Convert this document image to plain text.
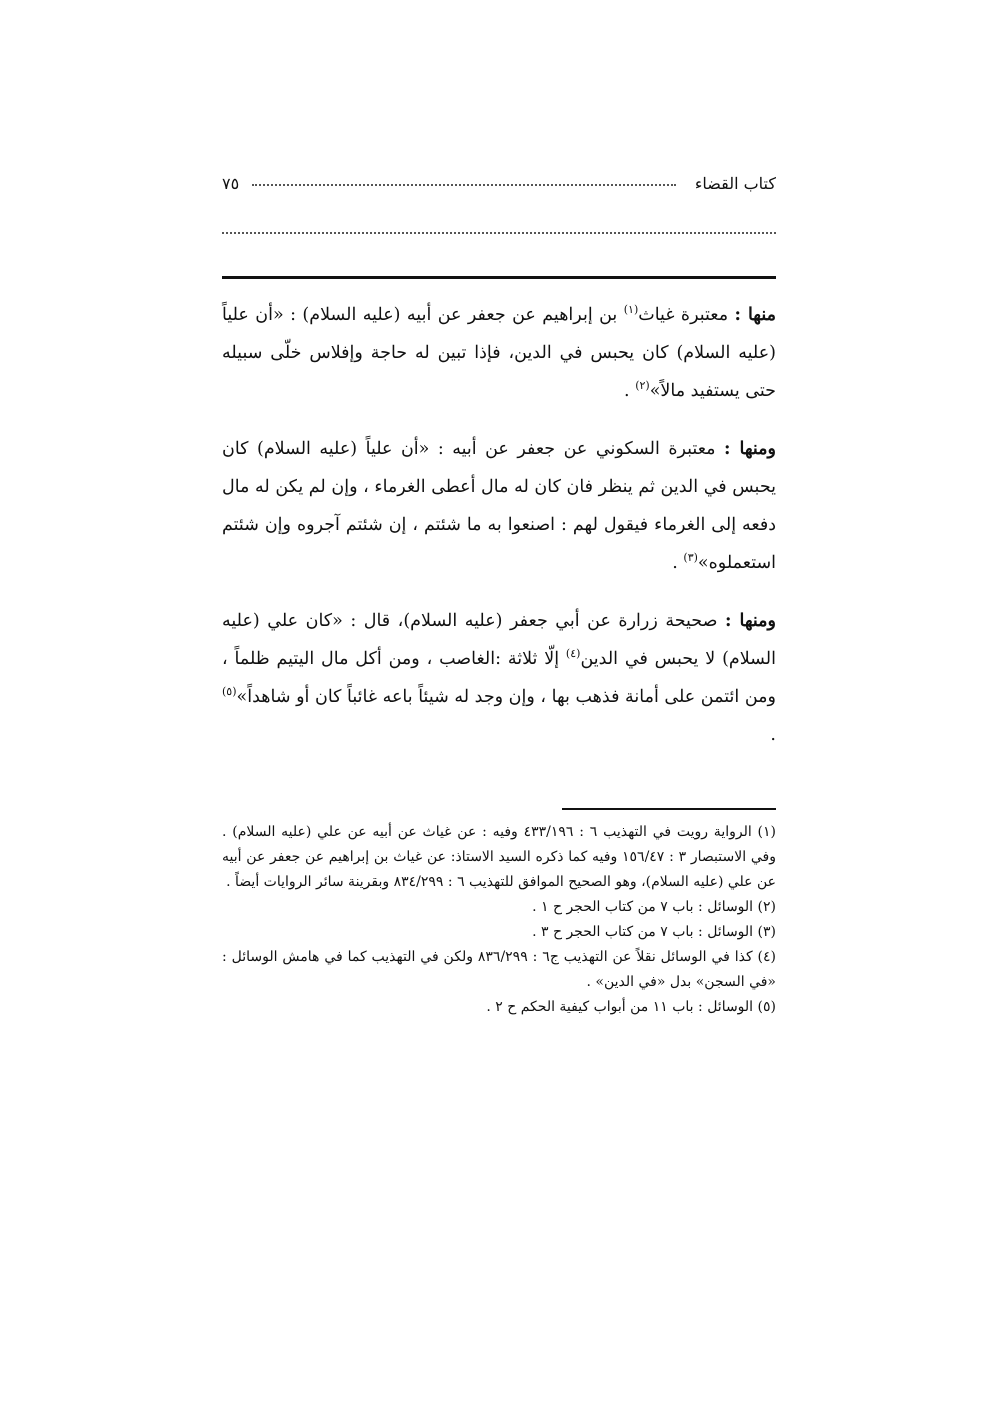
كتاب القضاء
٧٥

منها : معتبرة غياث$^{(١)}$ بن إبراهيم عن جعفر عن أبيه (عليه السلام) : «أن علياً (عليه السلام) كان يحبس في الدين، فإذا تبين له حاجة وإفلاس خلّى سبيله حتى يستفيد مالاً»$^{(٢)}$ .

ومنها : معتبرة السكوني عن جعفر عن أبيه : «أن علياً (عليه السلام) كان يحبس في الدين ثم ينظر فان كان له مال أعطى الغرماء ، وإن لم يكن له مال دفعه إلى الغرماء فيقول لهم : اصنعوا به ما شئتم ، إن شئتم آجروه وإن شئتم استعملوه»$^{(٣)}$ .

ومنها : صحيحة زرارة عن أبي جعفر (عليه السلام)، قال : «كان علي (عليه السلام) لا يحبس في الدين$^{(٤)}$ إلّا ثلاثة :الغاصب ، ومن أكل مال اليتيم ظلماً ، ومن ائتمن على أمانة فذهب بها ، وإن وجد له شيئاً باعه غائباً كان أو شاهداً»$^{(٥)}$ .

(١) الرواية رويت في التهذيب ٦ : ٤٣٣/١٩٦ وفيه : عن غياث عن أبيه عن علي (عليه السلام) . وفي الاستبصار ٣ : ١٥٦/٤٧ وفيه كما ذكره السيد الاستاذ: عن غياث بن إبراهيم عن جعفر عن أبيه عن علي (عليه السلام)، وهو الصحيح الموافق للتهذيب ٦ : ٨٣٤/٢٩٩ وبقرينة سائر الروايات أيضاً .

(٢) الوسائل : باب ٧ من كتاب الحجر ح ١ .

(٣) الوسائل : باب ٧ من كتاب الحجر ح ٣ .

(٤) كذا في الوسائل نقلاً عن التهذيب ج٦ : ٨٣٦/٢٩٩ ولكن في التهذيب كما في هامش الوسائل : «في السجن» بدل «في الدين» .

(٥) الوسائل : باب ١١ من أبواب كيفية الحكم ح ٢ .
